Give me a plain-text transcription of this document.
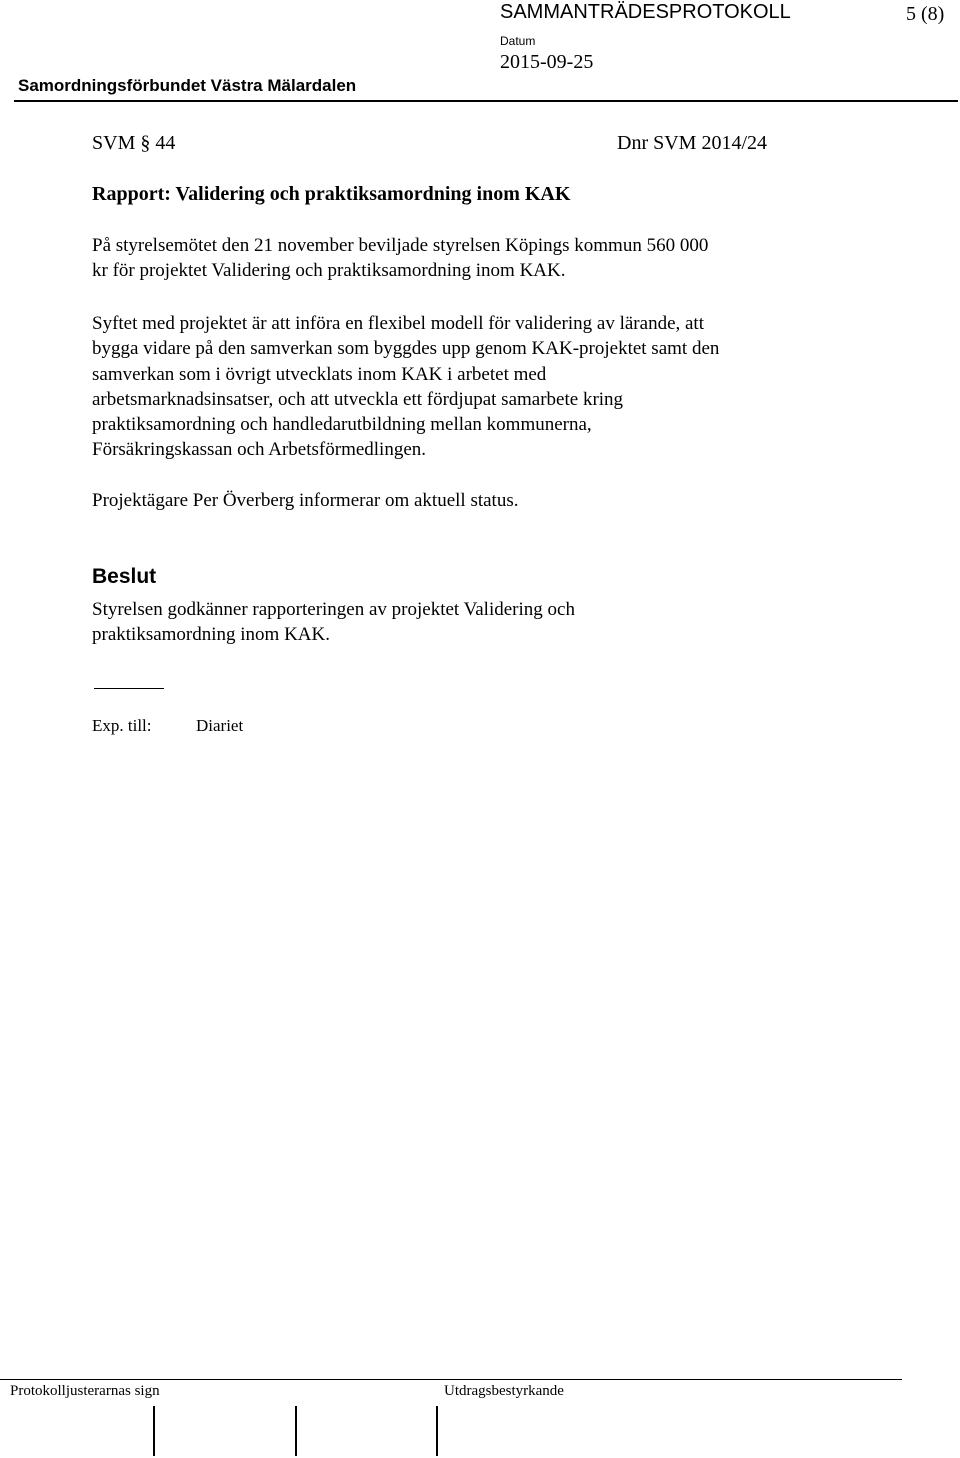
SAMMANTRÄDESPROTOKOLL	5 (8)
Datum
2015-09-25
Samordningsförbundet Västra Mälardalen
SVM § 44	Dnr SVM 2014/24
Rapport: Validering och praktiksamordning inom KAK
På styrelsemötet den 21 november beviljade styrelsen Köpings kommun 560 000
kr för projektet Validering och praktiksamordning inom KAK.
Syftet med projektet är att införa en flexibel modell för validering av lärande, att
bygga vidare på den samverkan som byggdes upp genom KAK-projektet samt den
samverkan som i övrigt utvecklats inom KAK i arbetet med
arbetsmarknadsinsatser, och att utveckla ett fördjupat samarbete kring
praktiksamordning och handledarutbildning mellan kommunerna,
Försäkringskassan och Arbetsförmedlingen.
Projektägare Per Överberg informerar om aktuell status.
Beslut
Styrelsen godkänner rapporteringen av projektet Validering och
praktiksamordning inom KAK.
Exp. till:	Diariet
Protokolljusterarnas sign	Utdragsbestyrkande
